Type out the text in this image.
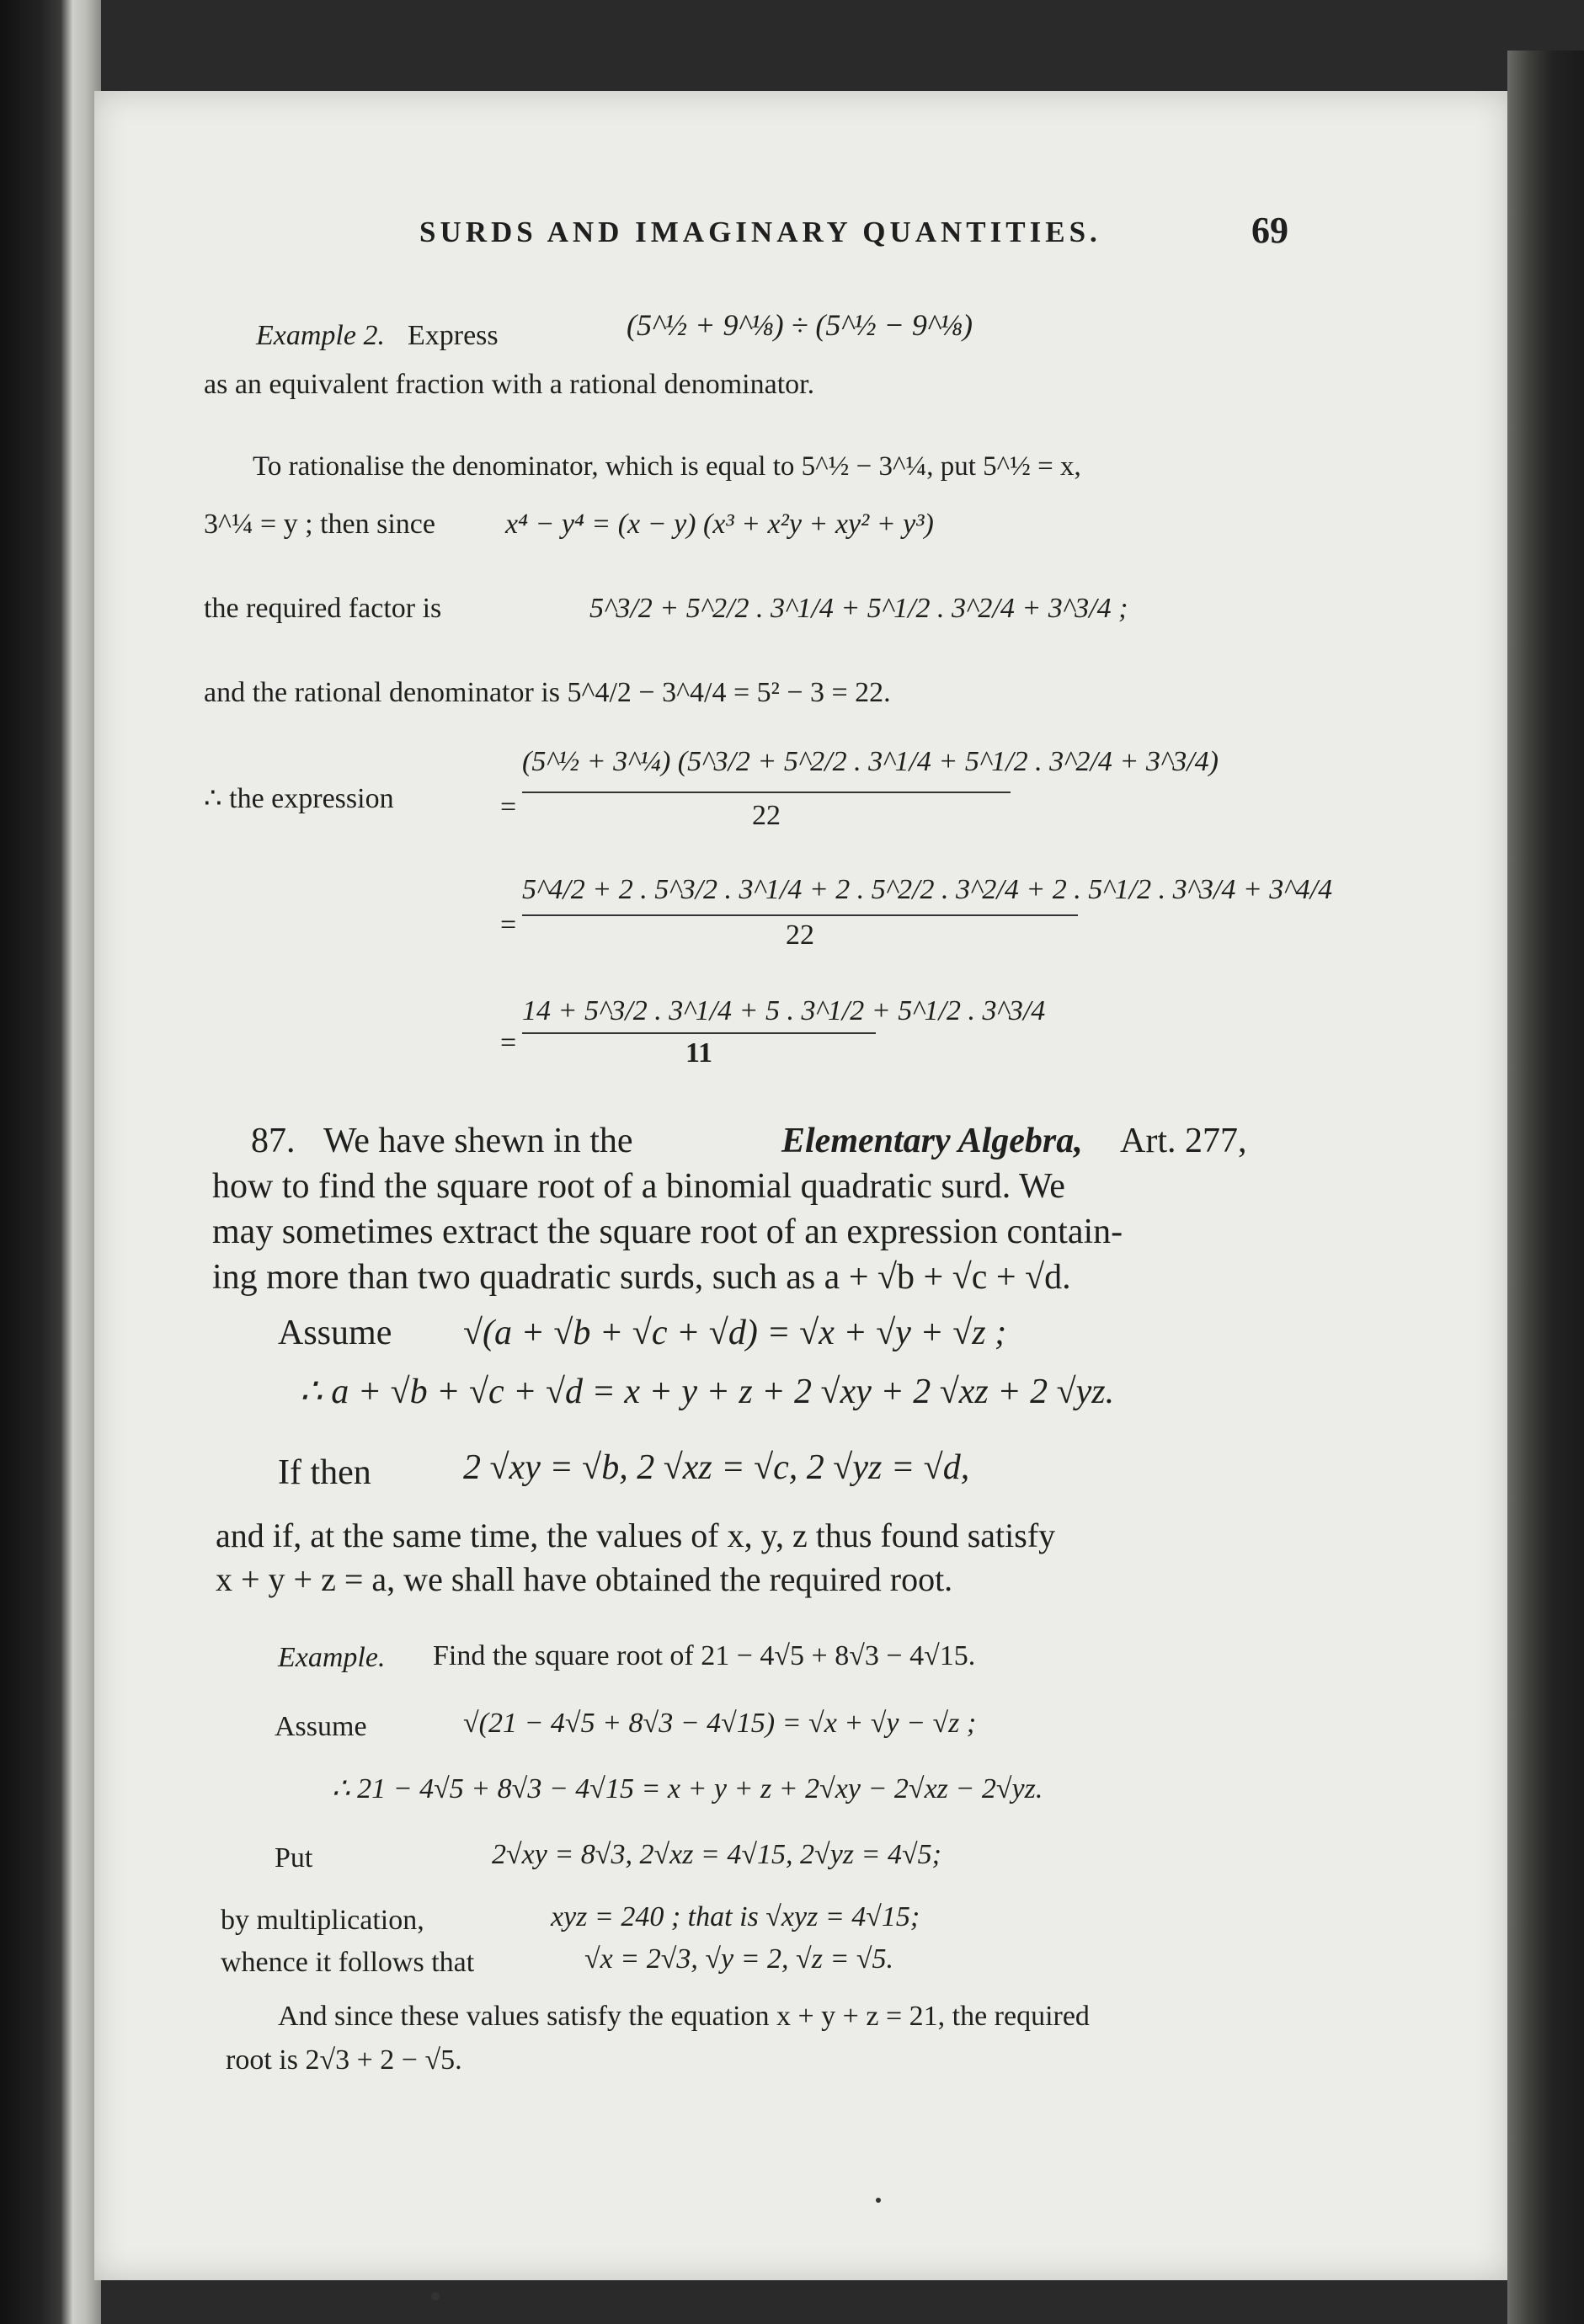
SURDS AND IMAGINARY QUANTITIES.	69
Example 2. Express	(5^½ + 9^⅛) ÷ (5^½ − 9^⅛)
as an equivalent fraction with a rational denominator.
To rationalise the denominator, which is equal to 5^½ − 3^¼, put 5^½ = x,
3^¼ = y ; then since x⁴ − y⁴ = (x − y) (x³ + x²y + xy² + y³)
the required factor is	5^3/2 + 5^2/2 . 3^1/4 + 5^1/2 . 3^2/4 + 3^3/4 ;
and the rational denominator is 5^4/2 − 3^4/4 = 5² − 3 = 22.
∴ the expression	=
(5^½ + 3^¼) (5^3/2 + 5^2/2 . 3^1/4 + 5^1/2 . 3^2/4 + 3^3/4)
22
=
5^4/2 + 2 . 5^3/2 . 3^1/4 + 2 . 5^2/2 . 3^2/4 + 2 . 5^1/2 . 3^3/4 + 3^4/4
22
=
14 + 5^3/2 . 3^1/4 + 5 . 3^1/2 + 5^1/2 . 3^3/4
11
87. We have shewn in the	Elementary Algebra, Art. 277,
how to find the square root of a binomial quadratic surd. We
may sometimes extract the square root of an expression contain-
ing more than two quadratic surds, such as a + √b + √c + √d.
Assume √(a + √b + √c + √d) = √x + √y + √z ;
∴ a + √b + √c + √d = x + y + z + 2 √xy + 2 √xz + 2 √yz.
If then	2 √xy = √b, 2 √xz = √c, 2 √yz = √d,
and if, at the same time, the values of x, y, z thus found satisfy
x + y + z = a, we shall have obtained the required root.
Example. Find the square root of 21 − 4√5 + 8√3 − 4√15.
Assume	√(21 − 4√5 + 8√3 − 4√15) = √x + √y − √z ;
∴ 21 − 4√5 + 8√3 − 4√15 = x + y + z + 2√xy − 2√xz − 2√yz.
Put	2√xy = 8√3, 2√xz = 4√15, 2√yz = 4√5;
by multiplication,	xyz = 240 ; that is √xyz = 4√15;
whence it follows that	√x = 2√3, √y = 2, √z = √5.
And since these values satisfy the equation x + y + z = 21, the required
root is 2√3 + 2 − √5.
